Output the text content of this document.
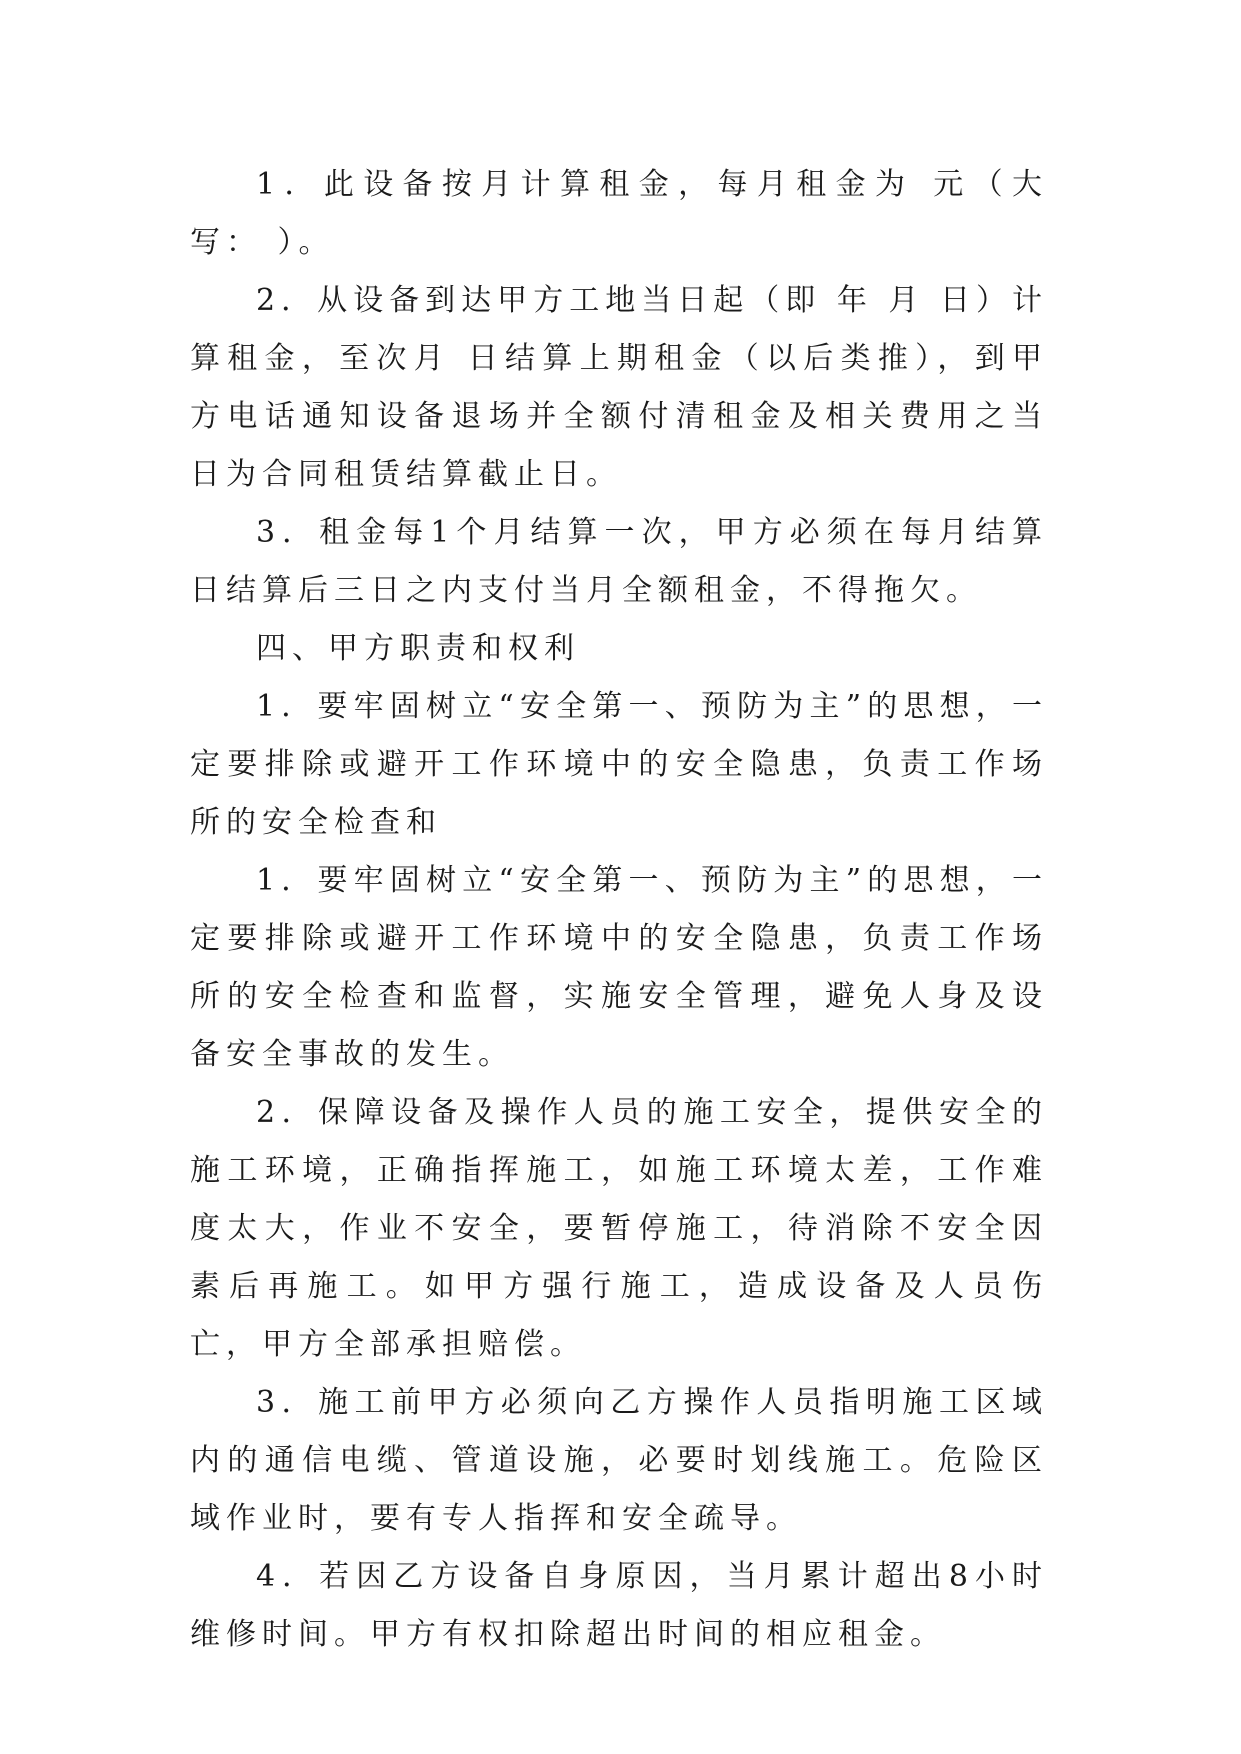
1．此设备按月计算租金，每月租金为 元（大写： ）。

2．从设备到达甲方工地当日起（即 年 月 日）计算租金，至次月 日结算上期租金（以后类推），到甲方电话通知设备退场并全额付清租金及相关费用之当日为合同租赁结算截止日。

3．租金每1个月结算一次，甲方必须在每月结算日结算后三日之内支付当月全额租金，不得拖欠。

四、甲方职责和权利

1．要牢固树立“安全第一、预防为主”的思想，一定要排除或避开工作环境中的安全隐患，负责工作场所的安全检查和

1．要牢固树立“安全第一、预防为主”的思想，一定要排除或避开工作环境中的安全隐患，负责工作场所的安全检查和监督，实施安全管理，避免人身及设备安全事故的发生。

2．保障设备及操作人员的施工安全，提供安全的施工环境，正确指挥施工，如施工环境太差，工作难度太大，作业不安全，要暂停施工，待消除不安全因素后再施工。如甲方强行施工，造成设备及人员伤亡，甲方全部承担赔偿。

3．施工前甲方必须向乙方操作人员指明施工区域内的通信电缆、管道设施，必要时划线施工。危险区域作业时，要有专人指挥和安全疏导。

4．若因乙方设备自身原因，当月累计超出8小时维修时间。甲方有权扣除超出时间的相应租金。
